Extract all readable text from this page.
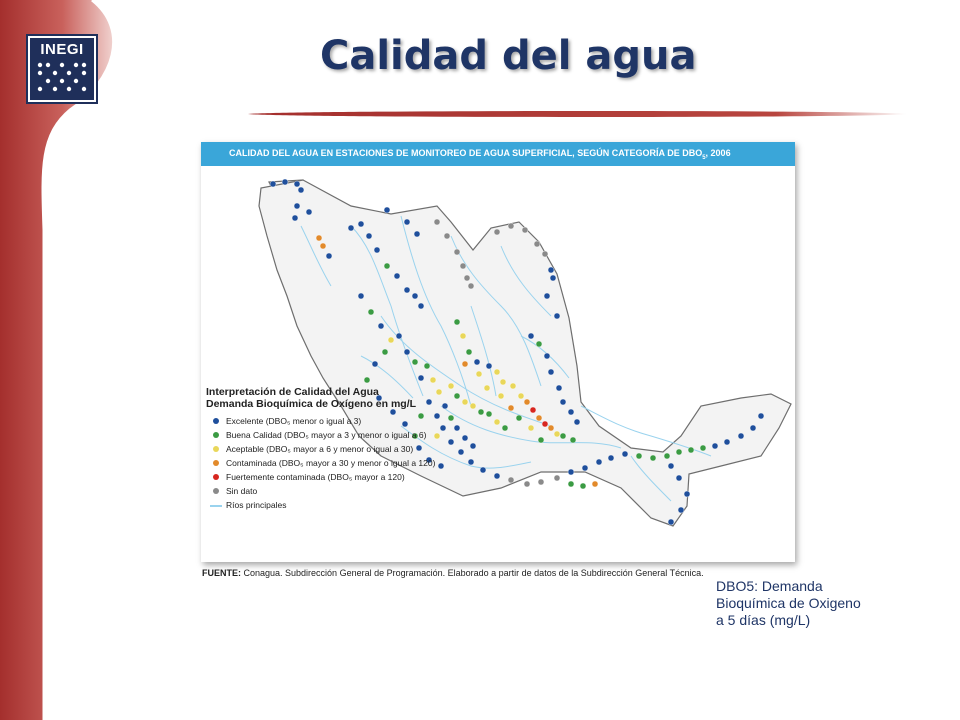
INEGI	Calidad del agua
CALIDAD DEL AGUA EN ESTACIONES DE MONITOREO DE AGUA SUPERFICIAL, SEGÚN CATEGORÍA DE $DBO_5$, 2006
Interpretación de Calidad del Agua
Demanda Bioquímica de Oxígeno en mg/L
Excelente (DBO₅ menor o igual a 3)
Buena Calidad (DBO₅ mayor a 3 y menor o igual a 6)
Aceptable (DBO₅ mayor a 6 y menor o igual a 30)
Contaminada (DBO₅ mayor a 30 y menor o igual a 120)
Fuertemente contaminada (DBO₅ mayor a 120)
Sin dato
Ríos principales
FUENTE: Conagua. Subdirección General de Programación. Elaborado a partir de datos de la Subdirección General Técnica.
DBO5: Demanda
Bioquímica de Oxigeno
a 5 días (mg/L)
